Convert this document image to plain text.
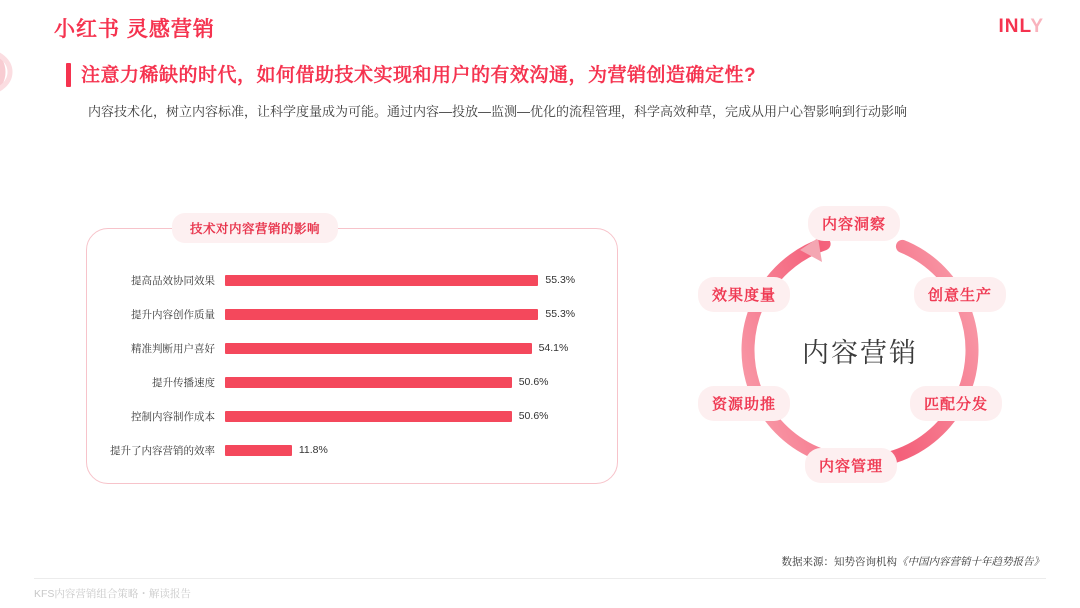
小红书 灵感营销	INLY
注意力稀缺的时代，如何借助技术实现和用户的有效沟通，为营销创造确定性?
内容技术化，树立内容标准，让科学度量成为可能。通过内容—投放—监测—优化的流程管理，科学高效种草，完成从用户心智影响到行动影响
提高品效协同效果	55.3%
提升内容创作质量	55.3%
精准判断用户喜好	54.1%
提升传播速度	50.6%
控制内容制作成本	50.6%
提升了内容营销的效率	11.8%
技术对内容营销的影响
内容营销
内容洞察
创意生产
匹配分发
内容管理
资源助推
效果度量
数据来源：知势咨询机构《中国内容营销十年趋势报告》
KFS内容营销组合策略・解读报告
